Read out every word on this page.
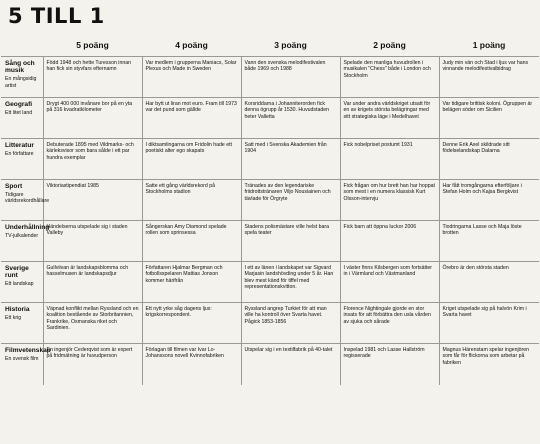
5 TILL 1
	5 poäng	4 poäng	3 poäng	2 poäng	1 poäng

Sång och musik
En mångsidig artist	Född 1948 och hette Turesson innan han fick sin styvfars efternamn	Var medlem i grupperna Maniacs, Solar Plexus och Made in Sweden	Vann den svenska melodifestivalen både 1969 och 1988	Spelade den manliga huvudrollen i musikalen "Chess" både i London och Stockholm	Judy min vän och Stad i ljus var hans vinnande melodifestivalbidrag

Geografi
Ett litet land	Drygt 400 000 invånare bor på en yta på 316 kvadratkilometer	Har bytt ut liran mot euro. Fram till 1973 var det pund som gällde	Korsriddarna i Johanniterorden fick denna ögrupp år 1530. Huvudstaden heter Valletta	Var under andra världskriget utsatt för en av krigets största belägringar med sitt strategiska läge i Medelhavet	Var tidigare brittisk koloni. Ögruppen är belägen söder om Sicilien

Litteratur
En författare	Debuterade 1895 med Vildmarks- och kärleksvisor som bara sålde i ett par hundra exemplar	I diktsamlingarna om Fridolin hade ett poetiskt alter ego skapats	Satt med i Svenska Akademien från 1904	Fick nobelpriset postumt 1931	Denne Erik Axel skildrade sitt födelselandskap Dalarna

Sport
Tidigare världsrekordhållare	Viktoriastipendiat 1985	Satte ett gång världsrekord på Stockholms stadion	Tränades av den legendariske friidrottstränaren Viljo Nousiainen och tävlade för Örgryte	Fick frågan om hur brett han har hoppat som mest i en numera klassisk Kurt Olsson-intervju	Har fått tromgångarna efterföljare i Stefan Holm och Kajsa Bergkvist

Underhållning
TV-julkalender	Händelserna utspelade sig i staden Valleby	Sångerskan Amy Diamond spelade rollen som sprinsessa	Stadens polismästare ville helst bara spela teater	Fick barn att öppna luckor 2006	Tiodringarna Lasse och Maja löste brotten

Sverige runt
Ett landskap	Gullviivan är landskapsblomma och hasselmusen är landskapsdjur	Författaren Hjalmar Bergman och fotbollsspelaren Mattias Jonson kommer härifrån	I ett av länen i landskapet var Sigvard Marjasin landshövding under 5 år. Han blev mest känd för tiffel med representationskvitton.	I väster finns Kilsbergen som fortsätter in i Värmland och Västmanland	Örebro är den största staden

Historia
Ett krig	Väpnad konflikt mellan Ryssland och en koalition bestående av Storbritannien, Frankrike, Osmanska riket och Sardinien.	Ett nytt yrke såg dagens ljus: krigskorrespondent.	Ryssland angrep Turkiet för att man ville ha kontroll över Svarta havet. Pågick 1853-1856	Florence Nightingale gjorde en stor insats för att förbättra den usla vården av sjuka och sårade	Kriget utspelade sig på halvön Krim i Svarta havet

Filmvetenskap
En svensk film	En ingenjör Cederqvist som är expert på fridmätning är huvudperson	Förlagan till filmen var Ivar Lo-Johanssons novell Kvinnofabriken	Utspelar sig i en textilfabrik på 40-talet	Inspelad 1981 och Lasse Hallström regisserade	Magnus Härenstam spelar ingenjören som får för flickorna som arbetar på fabriken
